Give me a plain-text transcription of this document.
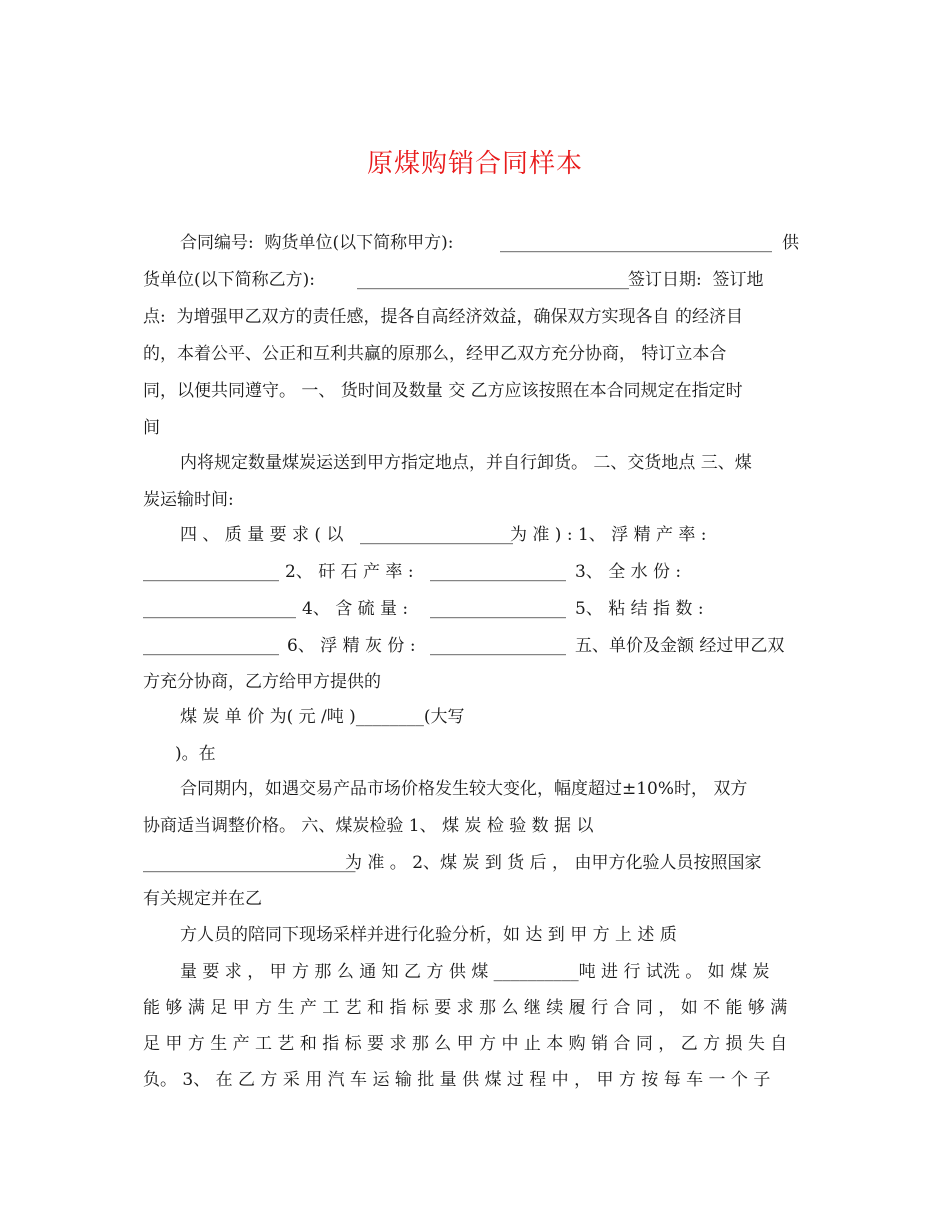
原煤购销合同样本
合同编号:  购货单位(以下简称甲方):	________________________________ 供
货单位(以下简称乙方): ________________________________ 签订日期:  签订地
点:  为增强甲乙双方的责任感，提各自高经济效益，确保双方实现各自 的经济目
的，本着公平、公正和互利共赢的原那么，经甲乙双方充分协商， 特订立本合
同，以便共同遵守。 一、 货时间及数量 交 乙方应该按照在本合同规定在指定时
间
内将规定数量煤炭运送到甲方指定地点，并自行卸货。 二、交货地点 三、煤
炭运输时间:
四 、 质 量 要 求 ( 以 __________________
为 准 ) : 1、 浮 精 产 率 :
________________ 2、 矸 石 产 率 : ________________ 3、 全 水 份 :
__________________ 4、 含 硫 量 : ________________ 5、 粘 结 指 数 :
________________ 6、 浮 精 灰 份 : ________________ 五、单价及金额 经过甲乙双
方充分协商，乙方给甲方提供的
煤 炭 单 价 为( 元 /吨 )________(大写
)。在
合同期内，如遇交易产品市场价格发生较大变化，幅度超过±10%时， 双方
协商适当调整价格。 六、煤炭检验 1、 煤 炭 检 验 数 据 以
_________________________
为 准 。 2、煤 炭 到 货 后 ， 由甲方化验人员按照国家
有关规定并在乙
方人员的陪同下现场采样并进行化验分析，如 达 到 甲 方 上 述 质
量 要 求 ， 甲 方 那 么 通 知 乙 方 供 煤 __________吨 进 行 试洗 。 如 煤 炭
能 够 满 足 甲 方 生 产 工 艺 和 指 标 要 求 那 么 继 续 履 行 合 同 ， 如 不 能 够 满
足 甲 方 生 产 工 艺 和 指 标 要 求 那 么 甲 方 中 止 本 购 销 合 同 ， 乙 方 损 失 自
负。 3、 在 乙 方 采 用 汽 车 运 输 批 量 供 煤 过 程 中 ， 甲 方 按 每 车 一 个 子
